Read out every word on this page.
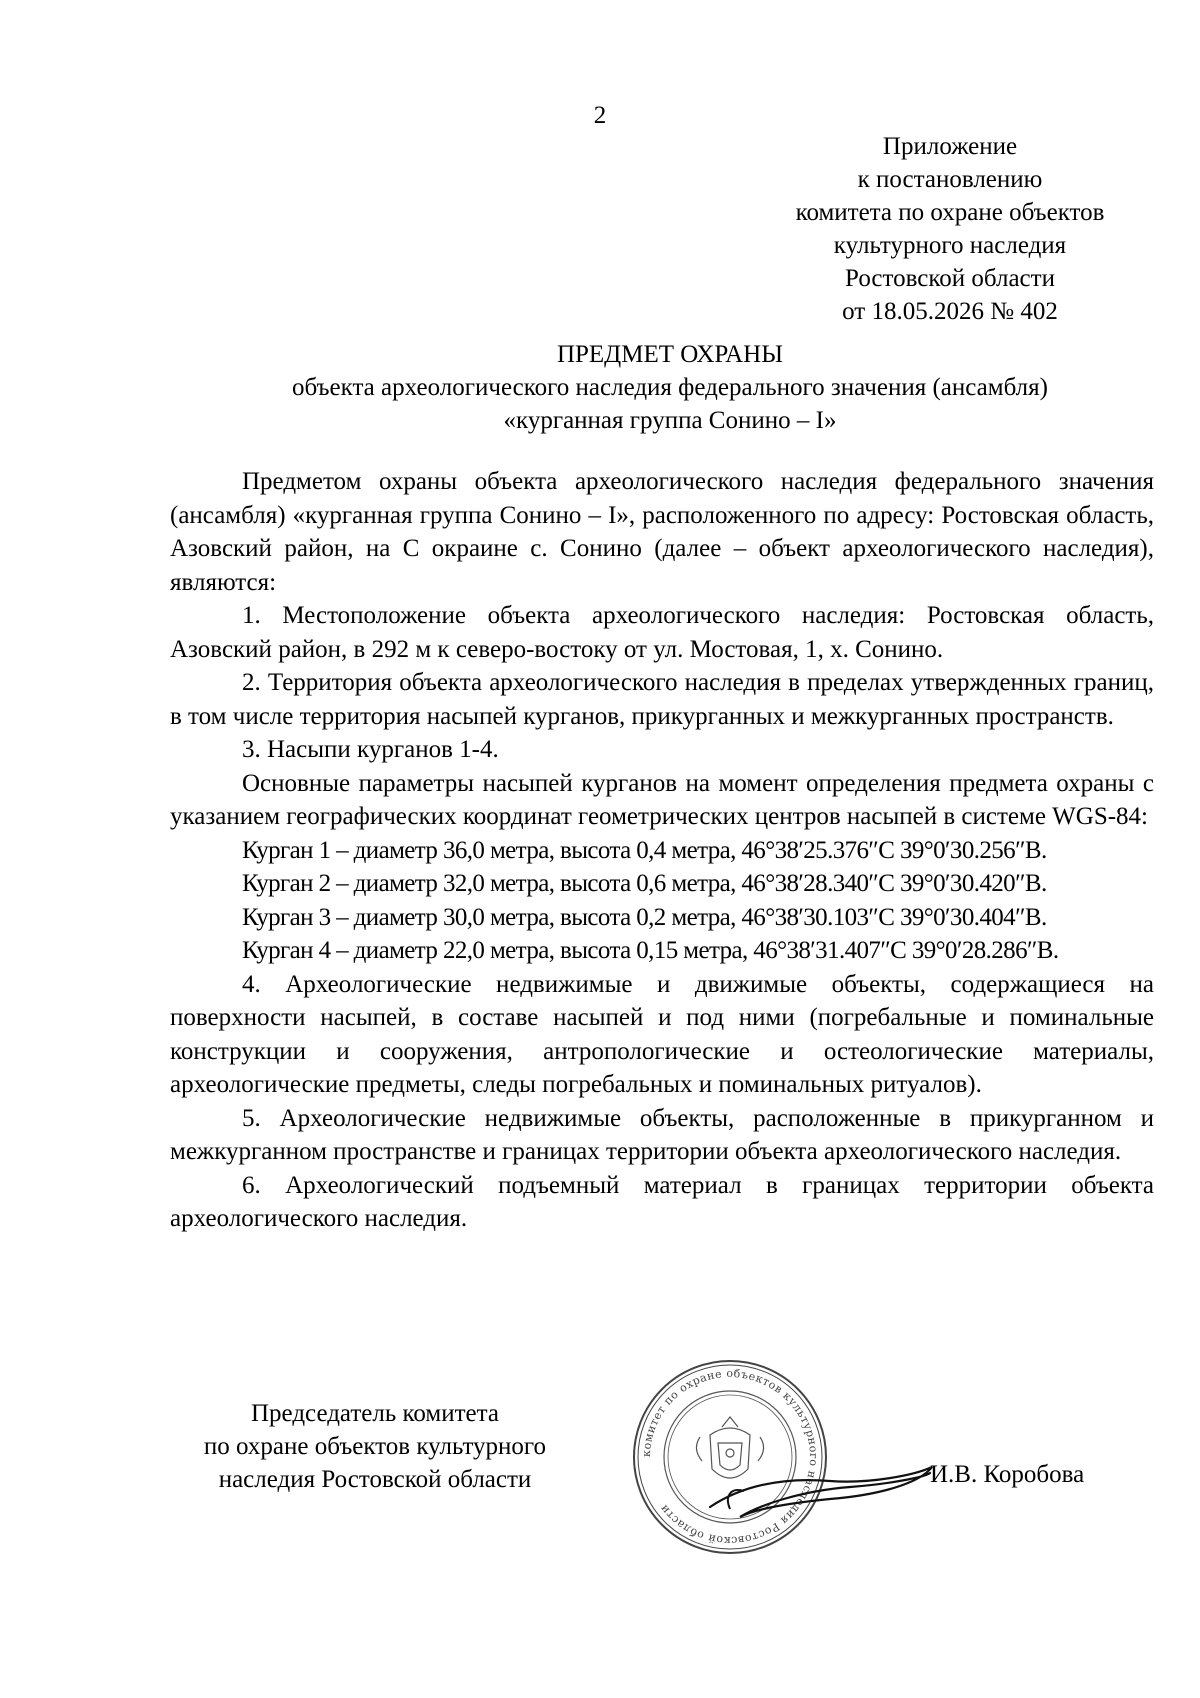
2
Приложение
к постановлению
комитета по охране объектов
культурного наследия
Ростовской области
от 18.05.2026 № 402
ПРЕДМЕТ ОХРАНЫ
объекта археологического наследия федерального значения (ансамбля)
«курганная группа Сонино – I»

Предметом охраны объекта археологического наследия федерального значения (ансамбля) «курганная группа Сонино – I», расположенного по адресу: Ростовская область, Азовский район, на С окраине с. Сонино (далее – объект археологического наследия), являются:

1. Местоположение объекта археологического наследия: Ростовская область, Азовский район, в 292 м к северо-востоку от ул. Мостовая, 1, х. Сонино.

2. Территория объекта археологического наследия в пределах утвержденных границ, в том числе территория насыпей курганов, прикурганных и межкурганных пространств.

3. Насыпи курганов 1-4.

Основные параметры насыпей курганов на момент определения предмета охраны с указанием географических координат геометрических центров насыпей в системе WGS-84:

Курган 1 – диаметр 36,0 метра, высота 0,4 метра, 46°38′25.376″С 39°0′30.256″В.

Курган 2 – диаметр 32,0 метра, высота 0,6 метра, 46°38′28.340″С 39°0′30.420″В.

Курган 3 – диаметр 30,0 метра, высота 0,2 метра, 46°38′30.103″С 39°0′30.404″В.

Курган 4 – диаметр 22,0 метра, высота 0,15 метра, 46°38′31.407″С 39°0′28.286″В.

4. Археологические недвижимые и движимые объекты, содержащиеся на поверхности насыпей, в составе насыпей и под ними (погребальные и поминальные конструкции и сооружения, антропологические и остеологические материалы, археологические предметы, следы погребальных и поминальных ритуалов).

5. Археологические недвижимые объекты, расположенные в прикурганном и межкурганном пространстве и границах территории объекта археологического наследия.

6. Археологический подъемный материал в границах территории объекта археологического наследия.

Председатель комитета
по охране объектов культурного
наследия Ростовской области
комитет по охране объектов культурного наследия Ростовской области
И.В. Коробова
